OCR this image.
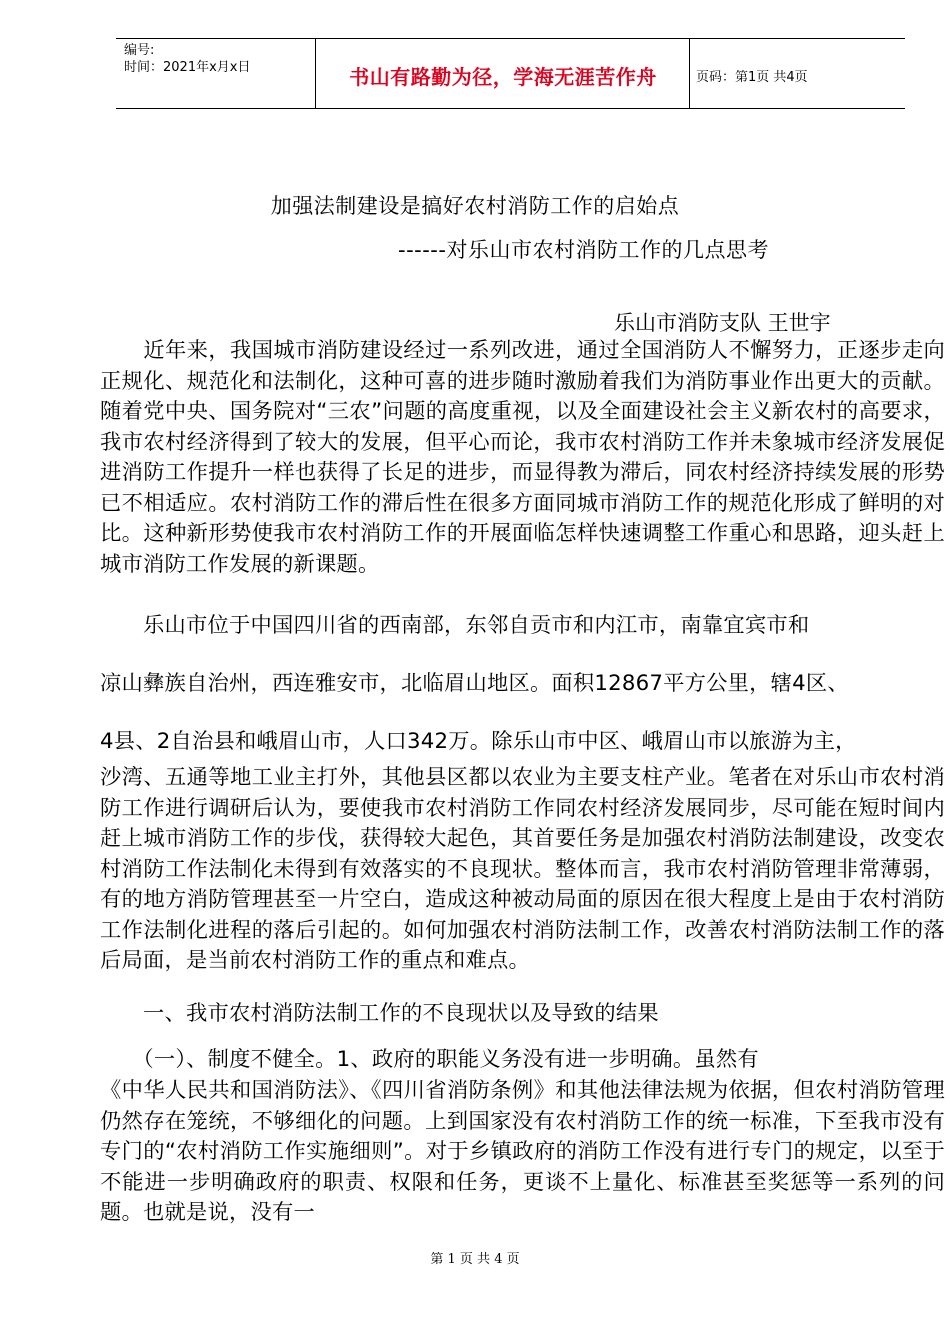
编号:
时间：2021年x月x日	书山有路勤为径，学海无涯苦作舟	页码：第1页 共4页
加强法制建设是搞好农村消防工作的启始点
------对乐山市农村消防工作的几点思考
乐山市消防支队 王世宇

　　近年来，我国城市消防建设经过一系列改进，通过全国消防人不懈努力，正逐步走向正规化、规范化和法制化，这种可喜的进步随时激励着我们为消防事业作出更大的贡献。随着党中央、国务院对“三农”问题的高度重视，以及全面建设社会主义新农村的高要求，我市农村经济得到了较大的发展，但平心而论，我市农村消防工作并未象城市经济发展促进消防工作提升一样也获得了长足的进步，而显得教为滞后，同农村经济持续发展的形势已不相适应。农村消防工作的滞后性在很多方面同城市消防工作的规范化形成了鲜明的对比。这种新形势使我市农村消防工作的开展面临怎样快速调整工作重心和思路，迎头赶上城市消防工作发展的新课题。

　　乐山市位于中国四川省的西南部，东邻自贡市和内江市，南靠宜宾市和
凉山彝族自治州，西连雅安市，北临眉山地区。面积12867平方公里，辖4区、
4县、2自治县和峨眉山市，人口342万。除乐山市中区、峨眉山市以旅游为主，

沙湾、五通等地工业主打外，其他县区都以农业为主要支柱产业。笔者在对乐山市农村消防工作进行调研后认为，要使我市农村消防工作同农村经济发展同步，尽可能在短时间内赶上城市消防工作的步伐，获得较大起色，其首要任务是加强农村消防法制建设，改变农村消防工作法制化未得到有效落实的不良现状。整体而言，我市农村消防管理非常薄弱，有的地方消防管理甚至一片空白，造成这种被动局面的原因在很大程度上是由于农村消防工作法制化进程的落后引起的。如何加强农村消防法制工作，改善农村消防法制工作的落后局面，是当前农村消防工作的重点和难点。

　　一、我市农村消防法制工作的不良现状以及导致的结果
　　（一）、制度不健全。1、政府的职能义务没有进一步明确。虽然有

《中华人民共和国消防法》、《四川省消防条例》和其他法律法规为依据，但农村消防管理仍然存在笼统，不够细化的问题。上到国家没有农村消防工作的统一标准，下至我市没有专门的“农村消防工作实施细则”。对于乡镇政府的消防工作没有进行专门的规定，以至于不能进一步明确政府的职责、权限和任务，更谈不上量化、标准甚至奖惩等一系列的问题。也就是说，没有一

第 1 页 共 4 页
